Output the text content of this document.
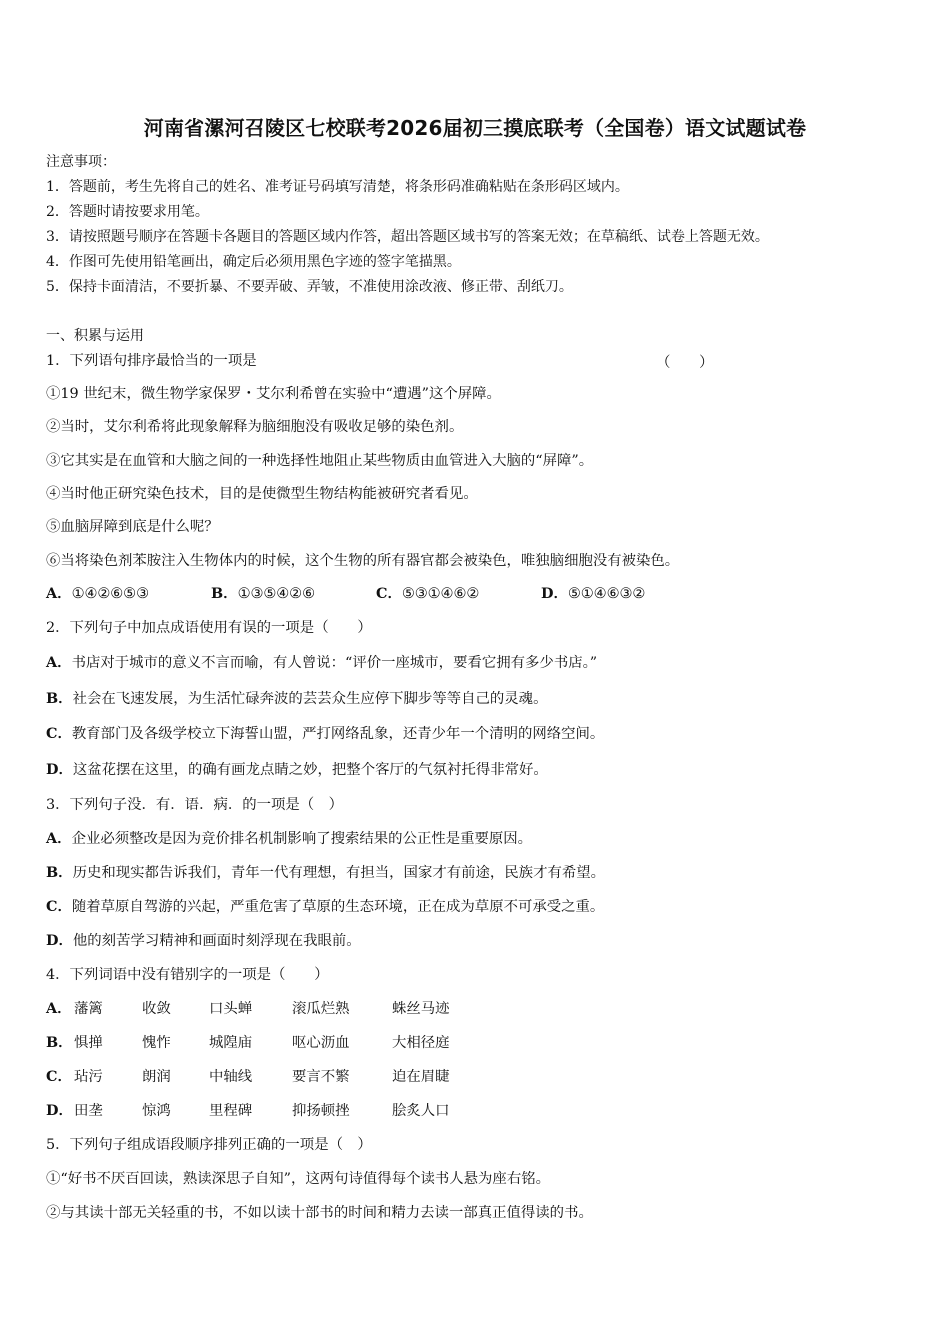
河南省漯河召陵区七校联考2026届初三摸底联考（全国卷）语文试题试卷
注意事项：
1．答题前，考生先将自己的姓名、准考证号码填写清楚，将条形码准确粘贴在条形码区域内。
2．答题时请按要求用笔。
3．请按照题号顺序在答题卡各题目的答题区域内作答，超出答题区域书写的答案无效；在草稿纸、试卷上答题无效。
4．作图可先使用铅笔画出，确定后必须用黑色字迹的签字笔描黑。
5．保持卡面清洁，不要折暴、不要弄破、弄皱，不准使用涂改液、修正带、刮纸刀。
一、积累与运用
1．下列语句排序最恰当的一项是	（　　）
①19 世纪末，微生物学家保罗・艾尔利希曾在实验中“遭遇”这个屏障。
②当时，艾尔利希将此现象解释为脑细胞没有吸收足够的染色剂。
③它其实是在血管和大脑之间的一种选择性地阻止某些物质由血管进入大脑的“屏障”。
④当时他正研究染色技术，目的是使微型生物结构能被研究者看见。
⑤血脑屏障到底是什么呢？
⑥当将染色剂苯胺注入生物体内的时候，这个生物的所有器官都会被染色，唯独脑细胞没有被染色。
A．①④②⑥⑤③	B．①③⑤④②⑥	C．⑤③①④⑥②	D．⑤①④⑥③②
2．下列句子中加点成语使用有误的一项是（　　）
A．书店对于城市的意义不言而喻，有人曾说：“评价一座城市，要看它拥有多少书店。”
B．社会在飞速发展，为生活忙碌奔波的芸芸众生应停下脚步等等自己的灵魂。
C．教育部门及各级学校立下海誓山盟，严打网络乱象，还青少年一个清明的网络空间。
D．这盆花摆在这里，的确有画龙点睛之妙，把整个客厅的气氛衬托得非常好。
3．下列句子没．有．语．病．的一项是（　）
A．企业必须整改是因为竞价排名机制影响了搜索结果的公正性是重要原因。
B．历史和现实都告诉我们，青年一代有理想，有担当，国家才有前途，民族才有希望。
C．随着草原自驾游的兴起，严重危害了草原的生态环境，正在成为草原不可承受之重。
D．他的刻苦学习精神和画面时刻浮现在我眼前。
4．下列词语中没有错别字的一项是（　　）
A． 藩篱	收敛	口头蝉	滚瓜烂熟	蛛丝马迹
B． 惧掸	愧怍	城隍庙	呕心沥血	大相径庭
C． 玷污	朗润	中轴线	要言不繁	迫在眉睫
D． 田垄	惊鸿	里程碑	抑扬顿挫	脍炙人口
5．下列句子组成语段顺序排列正确的一项是（　）
①“好书不厌百回读，熟读深思子自知”，这两句诗值得每个读书人悬为座右铭。
②与其读十部无关轻重的书，不如以读十部书的时间和精力去读一部真正值得读的书。
